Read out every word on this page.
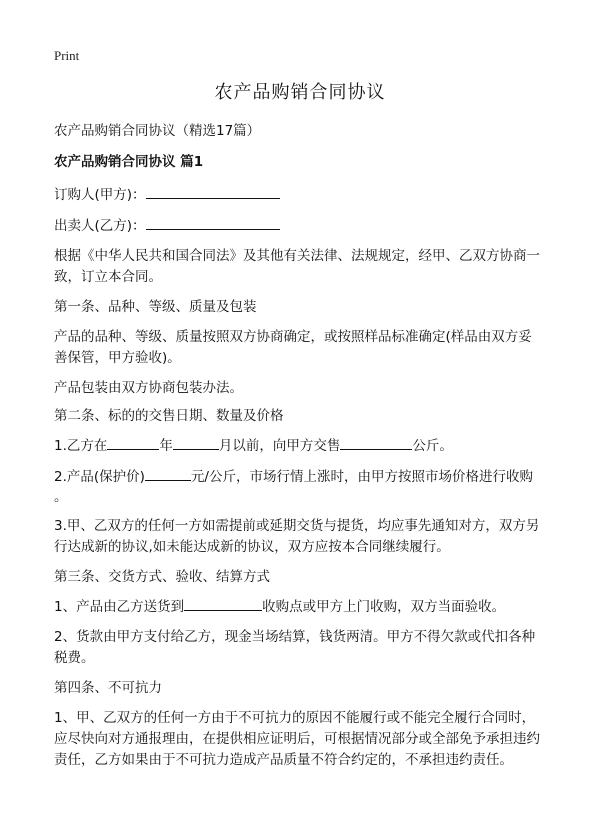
Print
农产品购销合同协议
农产品购销合同协议（精选17篇）
农产品购销合同协议 篇1
订购人(甲方)：
出卖人(乙方)：
根据《中华人民共和国合同法》及其他有关法律、法规规定，经甲、乙双方协商一
致，订立本合同。
第一条、品种、等级、质量及包装
产品的品种、等级、质量按照双方协商确定，或按照样品标准确定(样品由双方妥
善保管，甲方验收)。
产品包装由双方协商包装办法。
第二条、标的的交售日期、数量及价格
1.乙方在	年	月以前，向甲方交售	公斤。
2.产品(保护价)	元/公斤，市场行情上涨时，由甲方按照市场价格进行收购
。
3.甲、乙双方的任何一方如需提前或延期交货与提货，均应事先通知对方，双方另
行达成新的协议,如未能达成新的协议，双方应按本合同继续履行。
第三条、交货方式、验收、结算方式
1、产品由乙方送货到	收购点或甲方上门收购，双方当面验收。
2、货款由甲方支付给乙方，现金当场结算，钱货两清。甲方不得欠款或代扣各种
税费。
第四条、不可抗力
1、甲、乙双方的任何一方由于不可抗力的原因不能履行或不能完全履行合同时，
应尽快向对方通报理由，在提供相应证明后，可根据情况部分或全部免予承担违约
责任，乙方如果由于不可抗力造成产品质量不符合约定的，不承担违约责任。
